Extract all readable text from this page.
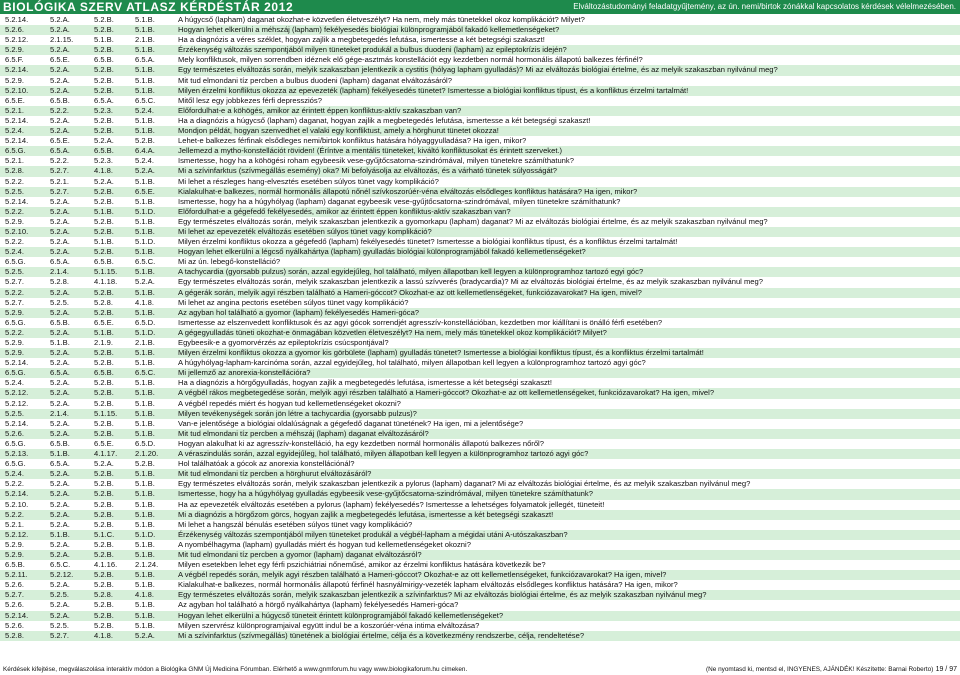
BIOLÓGIKA SZERV ATLASZ KÉRDÉSTÁR 2012	Elváltozástudományi feladatgyűjtemény, az ún. nemi/birtok zónákkal kapcsolatos kérdések vélelmezésében.
5.2.14.	5.2.A.	5.2.B.	5.1.B.	A húgycső (lapham) daganat okozhat-e közvetlen életveszélyt? Ha nem, mely más tünetekkel okoz komplikációt? Milyet?
5.2.6.	5.2.A.	5.2.B.	5.1.B.	Hogyan lehet elkerülni a méhszáj (lapham) fekélyesedés biológiai különprogramjából fakadó kellemetlenségeket?
5.2.12.	2.1.15.	5.1.B.	2.1.B.	Ha a diagnózis a véres széklet, hogyan zajlik a megbetegedés lefutása, ismertesse a két betegségi szakaszt!
5.2.9.	5.2.A.	5.2.B.	5.1.B.	Érzékenység változás szempontjából milyen tüneteket produkál a bulbus duodeni (lapham) az epileptokrízis idején?
6.5.F.	6.5.E.	6.5.B.	6.5.A.	Mely konfliktusok, milyen sorrendben idéznek elő gége-asztmás konstellációt egy kezdetben normál hormonális állapotú balkezes férfinél?
5.2.14.	5.2.A.	5.2.B.	5.1.B.	Egy természetes elváltozás során, melyik szakaszban jelentkezik a cystitis (hólyag lapham gyulladás)? Mi az elváltozás biológiai értelme, és az melyik szakaszban nyilvánul meg?
5.2.9.	5.2.A.	5.2.B.	5.1.B.	Mit tud elmondani tíz percben a bulbus duodeni (lapham) daganat elváltozásáról?
5.2.10.	5.2.A.	5.2.B.	5.1.B.	Milyen érzelmi konfliktus okozza az epevezeték (lapham) fekélyesedés tünetet? Ismertesse a biológiai konfliktus típust, és a konfliktus érzelmi tartalmát!
6.5.E.	6.5.B.	6.5.A.	6.5.C.	Mitől lesz egy jobbkezes férfi depressziós?
5.2.1.	5.2.2.	5.2.3.	5.2.4.	Előfordulhat-e a köhögés, amikor az érintett éppen konfliktus-aktív szakaszban van?
5.2.14.	5.2.A.	5.2.B.	5.1.B.	Ha a diagnózis a húgycső (lapham) daganat, hogyan zajlik a megbetegedés lefutása, ismertesse a két betegségi szakaszt!
5.2.4.	5.2.A.	5.2.B.	5.1.B.	Mondjon példát, hogyan szenvedhet el valaki egy konfliktust, amely a hörghurut tünetet okozza!
5.2.14.	6.5.E.	5.2.A.	5.2.B.	Lehet-e balkezes férfinak elsődleges nemi/birtok konfliktus hatására hólyaggyulladása? Ha igen, mikor?
6.5.G.	6.5.A.	6.5.B.	6.4.A.	Jellemezd a mytho-konstellációt röviden! (Éríntve a mentális tüneteket, kiváltó konfliktusokat és érintett szerveket.)
5.2.1.	5.2.2.	5.2.3.	5.2.4.	Ismertesse, hogy ha a köhögési roham egybeesik vese-gyűjtőcsatorna-szindrómával, milyen tünetekre számíthatunk?
5.2.8.	5.2.7.	4.1.8.	5.2.A.	Mi a szívinfarktus (szívmegállás esemény) oka? Mi befolyásolja az elváltozás, és a várható tünetek súlyosságát?
5.2.2.	5.2.1.	5.2.A.	5.1.B.	Mi lehet a részleges hang-elvesztés esetében súlyos tünet vagy komplikáció?
5.2.5.	5.2.7.	5.2.B.	6.5.E.	Kialakulhat-e balkezes, normál hormonális állapotú nőnél szívkoszorúér-véna elváltozás elsődleges konfliktus hatására? Ha igen, mikor?
5.2.14.	5.2.A.	5.2.B.	5.1.B.	Ismertesse, hogy ha a húgyhólyag (lapham) daganat egybeesik vese-gyűjtőcsatorna-szindrómával, milyen tünetekre számíthatunk?
5.2.2.	5.2.A.	5.1.B.	5.1.D.	Előfordulhat-e a gégefedő fekélyesedés, amikor az érintett éppen konfliktus-aktív szakaszban van?
5.2.9.	5.2.A.	5.2.B.	5.1.B.	Egy természetes elváltozás során, melyik szakaszban jelentkezik a gyomorkapu (lapham) daganat? Mi az elváltozás biológiai értelme, és az melyik szakaszban nyilvánul meg?
5.2.10.	5.2.A.	5.2.B.	5.1.B.	Mi lehet az epevezeték elváltozás esetében súlyos tünet vagy komplikáció?
5.2.2.	5.2.A.	5.1.B.	5.1.D.	Milyen érzelmi konfliktus okozza a gégefedő (lapham) fekélyesedés tünetet? Ismertesse a biológiai konfliktus típust, és a konfliktus érzelmi tartalmát!
5.2.4.	5.2.A.	5.2.B.	5.1.B.	Hogyan lehet elkerülni a légcső nyálkahártya (lapham) gyulladás biológiai különprogramjából fakadó kellemetlenségeket?
6.5.G.	6.5.A.	6.5.B.	6.5.C.	Mi az ún. lebegő-konstelláció?
5.2.5.	2.1.4.	5.1.15.	5.1.B.	A tachycardia (gyorsabb pulzus) során, azzal egyidejűleg, hol található, milyen állapotban kell legyen a különprogramhoz tartozó egyi góc?
5.2.7.	5.2.8.	4.1.18.	5.2.A.	Egy természetes elváltozás során, melyik szakaszban jelentkezik a lassú szívverés (bradycardia)? Mi az elváltozás biológiai értelme, és az melyik szakaszban nyilvánul meg?
5.2.2.	5.2.A.	5.2.B.	5.1.B.	A gégerák során, melyik agyi részben található a Hameri-góccot? Okozhat-e az ott kellemetlenségeket, funkciózavarokat? Ha igen, mivel?
5.2.7.	5.2.5.	5.2.8.	4.1.8.	Mi lehet az angina pectoris esetében súlyos tünet vagy komplikáció?
5.2.9.	5.2.A.	5.2.B.	5.1.B.	Az agyban hol található a gyomor (lapham) fekélyesedés Hameri-góca?
6.5.G.	6.5.B.	6.5.E.	6.5.D.	Ismertesse az elszenvedett konfliktusok és az agyi gócok sorrendjét agresszív-konstellációban, kezdetben mor kiállítani is önálló férfi esetében?
5.2.2.	5.2.A.	5.1.B.	5.1.D.	A gégegyulladás tüneti okozhat-e önmagában közvetlen életveszélyt? Ha nem, mely más tünetekkel okoz komplikációt? Milyet?
5.2.9.	5.1.B.	2.1.9.	2.1.B.	Egybeesik-e a gyomorvérzés az epileptokrízis csúcspontjával?
5.2.9.	5.2.A.	5.2.B.	5.1.B.	Milyen érzelmi konfliktus okozza a gyomor kis görbülete (lapham) gyulladás tünetet? Ismertesse a biológiai konfliktus típust, és a konfliktus érzelmi tartalmát!
5.2.14.	5.2.A.	5.2.B.	5.1.B.	A húgyhólyag-lapham-karcinóma során, azzal egyidejűleg, hol található, milyen állapotban kell legyen a különprogramhoz tartozó agyi góc?
6.5.G.	6.5.A.	6.5.B.	6.5.C.	Mi jellemző az anorexia-konstellációra?
5.2.4.	5.2.A.	5.2.B.	5.1.B.	Ha a diagnózis a hörgőgyulladás, hogyan zajlik a megbetegedés lefutása, ismertesse a két betegségi szakaszt!
5.2.12.	5.2.A.	5.2.B.	5.1.B.	A végbél rákos megbetegedése során, melyik agyi részben található a Hameri-góccot? Okozhat-e az ott kellemetlenségeket, funkciózavarokat? Ha igen, mivel?
5.2.12.	5.2.A.	5.2.B.	5.1.B.	A végbél repedés miért és hogyan tud kellemetlenségeket okozni?
5.2.5.	2.1.4.	5.1.15.	5.1.B.	Milyen tevékenységek során jön létre a tachycardia (gyorsabb pulzus)?
5.2.14.	5.2.A.	5.2.B.	5.1.B.	Van-e jelentősége a biológiai oldalúságnak a gégefedő daganat tünetének? Ha igen, mi a jelentősége?
5.2.6.	5.2.A.	5.2.B.	5.1.B.	Mit tud elmondani tíz percben a méhszáj (lapham) daganat elváltozásáról?
6.5.G.	6.5.B.	6.5.E.	6.5.D.	Hogyan alakulhat ki az agresszív-konstelláció, ha egy kezdetben normál hormonális állapotú balkezes nőről?
5.2.13.	5.1.B.	4.1.17.	2.1.20.	A véraszindulás során, azzal egyidejűleg, hol található, milyen állapotban kell legyen a különprogramhoz tartozó agyi góc?
6.5.G.	6.5.A.	5.2.A.	5.2.B.	Hol találhatóak a gócok az anorexia konstellációnál?
5.2.4.	5.2.A.	5.2.B.	5.1.B.	Mit tud elmondani tíz percben a hörghurut elváltozásáról?
5.2.2.	5.2.A.	5.2.B.	5.1.B.	Egy természetes elváltozás során, melyik szakaszban jelentkezik a pylorus (lapham) daganat? Mi az elváltozás biológiai értelme, és az melyik szakaszban nyilvánul meg?
5.2.14.	5.2.A.	5.2.B.	5.1.B.	Ismertesse, hogy ha a húgyhólyag gyulladás egybeesik vese-gyűjtőcsatorna-szindrómával, milyen tünetekre számíthatunk?
5.2.10.	5.2.A.	5.2.B.	5.1.B.	Ha az epevezeték elváltozás esetében a pylorus (lapham) fekélyesedés? Ismertesse a lehetséges folyamatok jellegét, tüneteit!
5.2.2.	5.2.A.	5.2.B.	5.1.B.	Mi a diagnózis a hörgőzom görcs, hogyan zajlik a megbetegedés lefutása, ismertesse a két betegségi szakaszt!
5.2.1.	5.2.A.	5.2.B.	5.1.B.	Mi lehet a hangszál bénulás esetében súlyos tünet vagy komplikáció?
5.2.12.	5.1.B.	5.1.C.	5.1.D.	Érzékenység változás szempontjából milyen tüneteket produkál a végbél-lapham a mégidai utáni A-utószakaszban?
5.2.9.	5.2.A.	5.2.B.	5.1.B.	A nyombélhagyma (lapham) gyulladás miért és hogyan tud kellemetlenségeket okozni?
5.2.9.	5.2.A.	5.2.B.	5.1.B.	Mit tud elmondani tíz percben a gyomor (lapham) daganat elváltozásról?
6.5.B.	6.5.C.	4.1.16.	2.1.24.	Milyen esetekben lehet egy férfi pszichiátriai nőneműsé, amikor az érzelmi konfliktus hatására következik be?
5.2.11.	5.2.12.	5.2.B.	5.1.B.	A végbél repedés során, melyik agyi részben található a Hameri-góccot? Okozhat-e az ott kellemetlenségeket, funkciózavarokat? Ha igen, mivel?
5.2.6.	5.2.A.	5.2.B.	5.1.B.	Kialakulhat-e balkezes, normál hormonális állapotú férfinél hasnyálmirigy-vezeték lapham elváltozás elsődleges konfliktus hatására? Ha igen, mikor?
5.2.7.	5.2.5.	5.2.8.	4.1.8.	Egy természetes elváltozás során, melyik szakaszban jelentkezik a szívinfarktus? Mi az elváltozás biológiai értelme, és az melyik szakaszban nyilvánul meg?
5.2.6.	5.2.A.	5.2.B.	5.1.B.	Az agyban hol található a hörgő nyálkahártya (lapham) fekélyesedés Hameri-góca?
5.2.14.	5.2.A.	5.2.B.	5.1.B.	Hogyan lehet elkerülni a húgycső tüneteit érintett különprogramjából fakadó kellemetlenségeket?
5.2.6.	5.2.5.	5.2.B.	5.1.B.	Milyen szervrész különprogramjaival együtt indul be a koszorúér-véna intima elváltozása?
5.2.8.	5.2.7.	4.1.8.	5.2.A.	Mi a szívinfarktus (szívmegállás) tünetének a biológiai értelme, célja és a következmény rendszerbe, célja, rendeltetése?
Kérdések kifejtése, megválaszolása interaktív módon a Biológika GNM Új Medicina Fórumban. Elérhető a www.gnmforum.hu vagy www.biologikaforum.hu címeken.	(Ne nyomtasd ki, mentsd el, INGYENES, AJÁNDÉK! Készítette: Barnai Roberto) 19 / 97
